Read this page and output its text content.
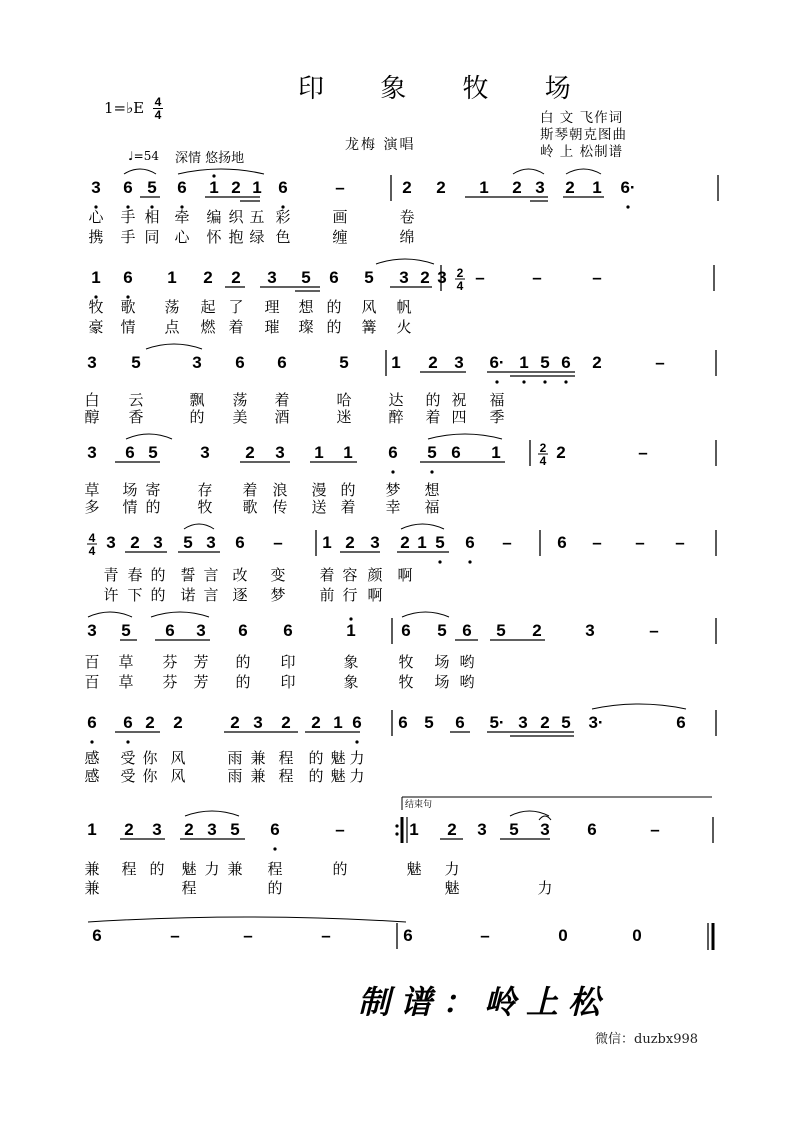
印 象 牧 场
1=♭E 4
4
龙梅 演唱
白 文 飞作词
斯琴朝克图曲
岭 上 松制谱
♩=54 深情 悠扬地
3 6 5 6 1 2 1 6	–	2 2 1 2 3 2 1 6·
心 手 相 牵 编 织 五 彩	画	卷
携 手 同 心 怀 抱 绿 色	缠	绵
1 6 1 2 2 3 5 6 5 3 2 3 –	–	–
牧 歌 荡 起 了 理 想 的 风 帆
豪 情 点 燃 着 璀 璨 的 篝 火
3 5	3 6 6	5	1 2 3 6· 1 5 6 2	–
白 云	飘 荡 着	哈 达 的 祝 福
醇 香	的 美 酒	迷 醉 着 四 季
3 6 5	3 2 3 1 1 6 5 6 1	2	–
草 场 寄 存 着 浪 漫 的 梦 想
多 情 的 牧 歌 传 送 着 幸 福
3 2 3 5 3 6 – 1 2 3 2 1 5 6 –	6 – – –
青 春 的 誓 言 改 变 着 容 颜 啊
许 下 的 诺 言 逐 梦 前 行 啊
3 5 6 3 6 6	1	6 5 6 5 2	3	–
百 草 芬 芳 的 印	象	牧 场 哟
百 草 芬 芳 的 印	象	牧 场 哟
6 6 2 2	2 3 2 2 1 6 6 5 6 5· 3 2 5 3·	6
感 受 你 风	雨 兼 程 的 魅 力
感 受 你 风	雨 兼 程 的 魅 力
1 2 3 2 3 5 6	–	1 2 3 5 3 6	–
兼 程 的 魅 力 兼 程	的	魅 力
兼	程	的	魅	力
6	–	–	–	6	–	0	0
2
4
2
4
4
4
结束句
制谱：岭上松
微信：duzbx998
